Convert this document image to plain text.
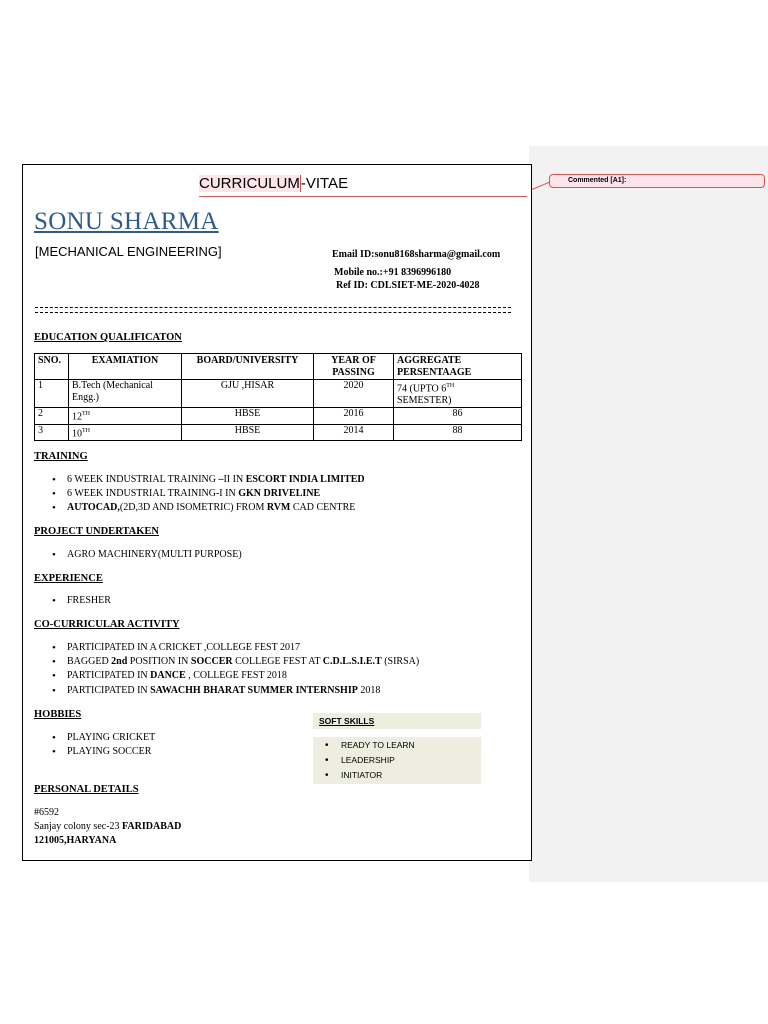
Commented [A1]:
CURRICULUM-VITAE
SONU SHARMA
[MECHANICAL ENGINEERING]	Email ID:sonu8168sharma@gmail.com
Mobile no.:+91 8396996180
Ref ID: CDLSIET-ME-2020-4028
EDUCATION QUALIFICATON
SNO.	EXAMIATION	BOARD/UNIVERSITY	YEAR OF PASSING	AGGREGATE PERSENTAAGE
1	B.Tech (Mechanical Engg.)	GJU ,HISAR	2020	74 (UPTO 6TH
SEMESTER)
2	12TH	HBSE	2016	86
3	10TH	HBSE	2014	88
TRAINING
• 6 WEEK INDUSTRIAL TRAINING –II IN ESCORT INDIA LIMITED
• 6 WEEK INDUSTRIAL TRAINING-I IN GKN DRIVELINE
• AUTOCAD,(2D,3D AND ISOMETRIC) FROM RVM CAD CENTRE
PROJECT UNDERTAKEN
• AGRO MACHINERY(MULTI PURPOSE)
EXPERIENCE
• FRESHER
CO-CURRICULAR ACTIVITY
• PARTICIPATED IN A CRICKET ,COLLEGE FEST 2017
• BAGGED 2nd POSITION IN SOCCER COLLEGE FEST AT C.D.L.S.I.E.T (SIRSA)
• PARTICIPATED IN DANCE , COLLEGE FEST 2018
• PARTICIPATED IN SAWACHH BHARAT SUMMER INTERNSHIP 2018
HOBBIES
• PLAYING CRICKET
• PLAYING SOCCER
SOFT SKILLS
• READY TO LEARN
• LEADERSHIP
• INITIATOR
PERSONAL DETAILS
#6592
Sanjay colony sec-23 FARIDABAD
121005,HARYANA
